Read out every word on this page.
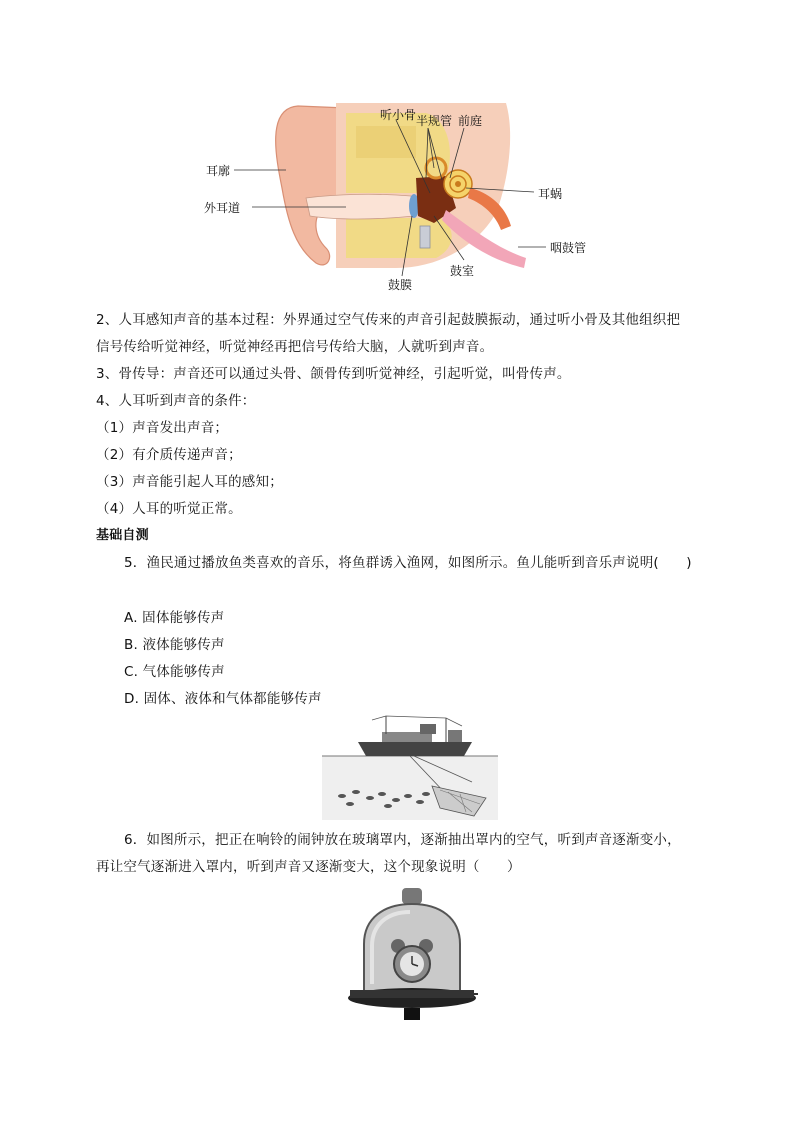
听小骨 半规管 前庭
耳廓
外耳道
耳蜗
咽鼓管
鼓室
鼓膜
2、人耳感知声音的基本过程：外界通过空气传来的声音引起鼓膜振动，通过听小骨及其他组织把
信号传给听觉神经，听觉神经再把信号传给大脑，人就听到声音。
3、骨传导：声音还可以通过头骨、颌骨传到听觉神经，引起听觉，叫骨传声。
4、人耳听到声音的条件：
（1）声音发出声音；
（2）有介质传递声音；
（3）声音能引起人耳的感知；
（4）人耳的听觉正常。
基础自测
5．渔民通过播放鱼类喜欢的音乐，将鱼群诱入渔网，如图所示。鱼儿能听到音乐声说明(　　)
A. 固体能够传声
B. 液体能够传声
C. 气体能够传声
D. 固体、液体和气体都能够传声
6．如图所示，把正在响铃的闹钟放在玻璃罩内，逐渐抽出罩内的空气，听到声音逐渐变小，
再让空气逐渐进入罩内，听到声音又逐渐变大，这个现象说明（　　）
